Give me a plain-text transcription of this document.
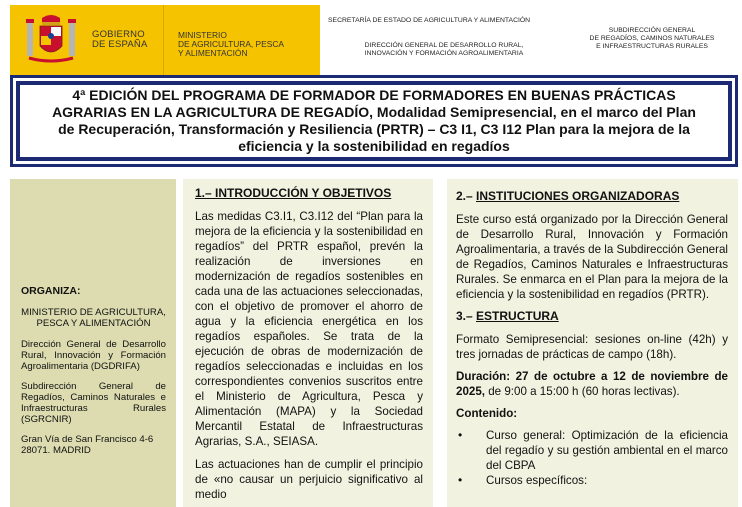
GOBIERNO
DE ESPAÑA
MINISTERIO
DE AGRICULTURA, PESCA
Y ALIMENTACIÓN
SECRETARÍA DE ESTADO DE AGRICULTURA Y ALIMENTACIÓN
DIRECCIÓN GENERAL DE DESARROLLO RURAL,
INNOVACIÓN Y FORMACIÓN AGROALIMENTARIA
SUBDIRECCIÓN GENERAL
DE REGADÍOS, CAMINOS NATURALES
E INFRAESTRUCTURAS RURALES
4ª EDICIÓN DEL PROGRAMA DE FORMADOR DE FORMADORES EN BUENAS PRÁCTICAS
AGRARIAS EN LA AGRICULTURA DE REGADÍO, Modalidad Semipresencial, en el marco del Plan
de Recuperación, Transformación y Resiliencia (PRTR) – C3 I1, C3 I12 Plan para la mejora de la
eficiencia y la sostenibilidad en regadíos
ORGANIZA:
MINISTERIO DE AGRICULTURA, PESCA Y ALIMENTACIÓN

Dirección General de Desarrollo Rural, Innovación y Formación Agroalimentaria (DGDRIFA)

Subdirección General de Regadíos, Caminos Naturales e Infraestructuras Rurales (SGRCNIR)

Gran Vía de San Francisco 4-6 28071. MADRID

1.– INTRODUCCIÓN Y OBJETIVOS

Las medidas C3.I1, C3.I12 del “Plan para la mejora de la eficiencia y la sostenibilidad en regadíos” del PRTR español, prevén la realización de inversiones en modernización de regadíos sostenibles en cada una de las actuaciones seleccionadas, con el objetivo de promover el ahorro de agua y la eficiencia energética en los regadíos españoles. Se trata de la ejecución de obras de modernización de regadíos seleccionadas e incluidas en los correspondientes convenios suscritos entre el Ministerio de Agricultura, Pesca y Alimentación (MAPA) y la Sociedad Mercantil Estatal de Infraestructuras Agrarias, S.A., SEIASA.

Las actuaciones han de cumplir el principio de «no causar un perjuicio significativo al medio

2.– INSTITUCIONES ORGANIZADORAS

Este curso está organizado por la Dirección General de Desarrollo Rural, Innovación y Formación Agroalimentaria, a través de la Subdirección General de Regadíos, Caminos Naturales e Infraestructuras Rurales. Se enmarca en el Plan para la mejora de la eficiencia y la sostenibilidad en regadíos (PRTR).

3.– ESTRUCTURA

Formato Semipresencial: sesiones on-line (42h) y tres jornadas de prácticas de campo (18h).

Duración: 27 de octubre a 12 de noviembre de 2025, de 9:00 a 15:00 h (60 horas lectivas).

Contenido:

• Curso general: Optimización de la eficiencia del regadío y su gestión ambiental en el marco del CBPA
• Cursos específicos:
